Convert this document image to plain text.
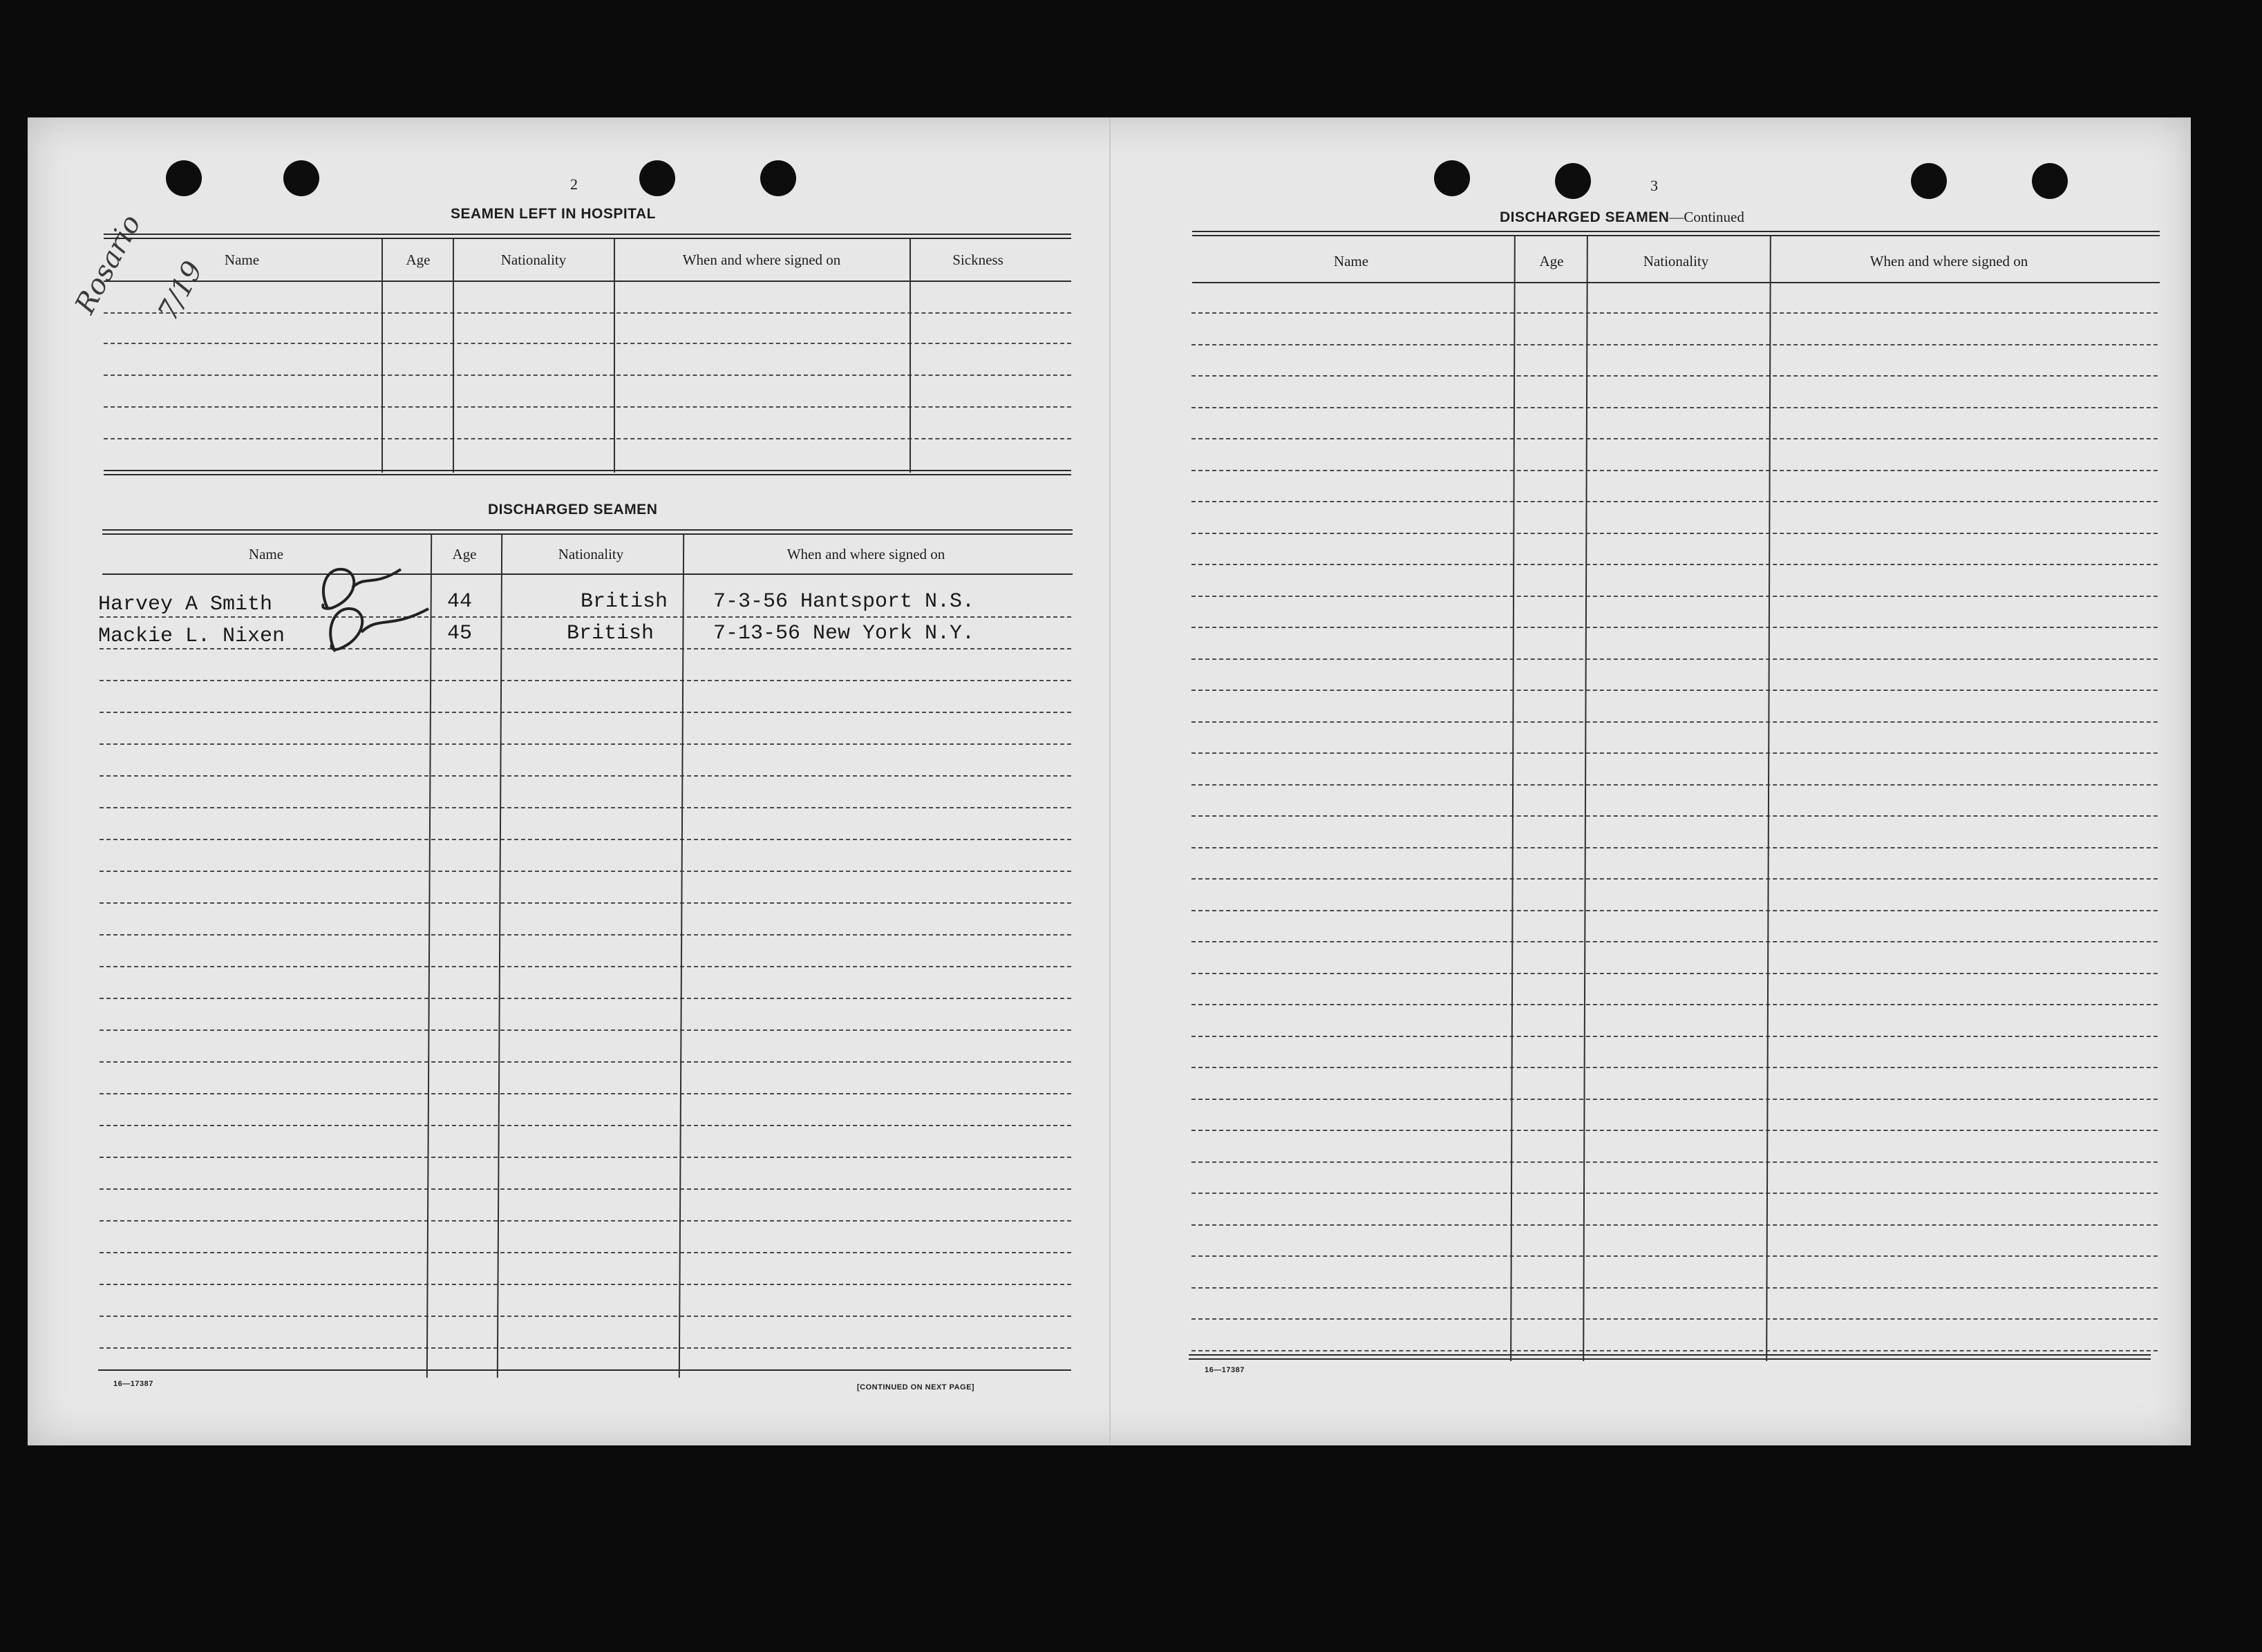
Rosario 7/19
2
SEAMEN LEFT IN HOSPITAL
Name	Age	Nationality	When and where signed on	Sickness
DISCHARGED SEAMEN
Name	Age	Nationality	When and where signed on
Harvey A Smith	44	British 7-3-56 Hantsport N.S.
Mackie L. Nixen	45	British	7-13-56 New York N.Y.
16—17387	[CONTINUED ON NEXT PAGE]
3
DISCHARGED SEAMEN—Continued
Name	Age	Nationality	When and where signed on
16—17387
